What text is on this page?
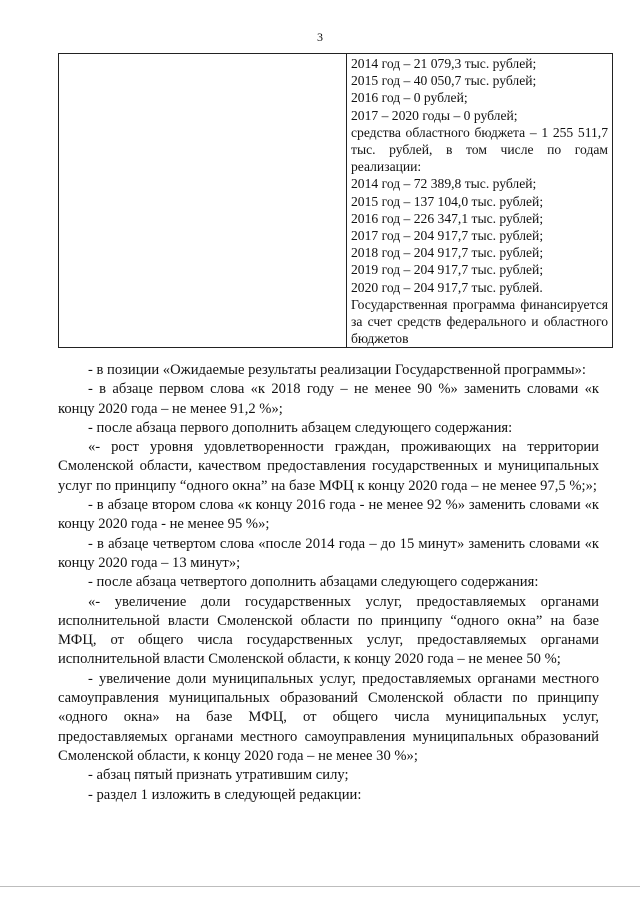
3

2014 год – 21 079,3 тыс. рублей;

2015 год – 40 050,7 тыс. рублей;

2016 год – 0 рублей;

2017 – 2020 годы – 0 рублей;

средства областного бюджета – 1 255 511,7 тыс. рублей, в том числе по годам реализации:

2014 год – 72 389,8 тыс. рублей;

2015 год – 137 104,0 тыс. рублей;

2016 год – 226 347,1 тыс. рублей;

2017 год – 204 917,7 тыс. рублей;

2018 год – 204 917,7 тыс. рублей;

2019 год – 204 917,7 тыс. рублей;

2020 год – 204 917,7 тыс. рублей.

Государственная программа финансируется за счет средств федерального и областного бюджетов

- в позиции «Ожидаемые результаты реализации Государственной программы»:

- в абзаце первом слова «к 2018 году – не менее 90 %» заменить словами «к концу 2020 года – не менее 91,2 %»;

- после абзаца первого дополнить абзацем следующего содержания:

«- рост уровня удовлетворенности граждан, проживающих на территории Смоленской области, качеством предоставления государственных и муниципальных услуг по принципу “одного окна” на базе МФЦ к концу 2020 года – не менее 97,5 %;»;

- в абзаце втором слова «к концу 2016 года - не менее 92 %» заменить словами «к концу 2020 года - не менее 95 %»;

- в абзаце четвертом слова «после 2014 года – до 15 минут» заменить словами «к концу 2020 года – 13 минут»;

- после абзаца четвертого дополнить абзацами следующего содержания:

«- увеличение доли государственных услуг, предоставляемых органами исполнительной власти Смоленской области по принципу “одного окна” на базе МФЦ, от общего числа государственных услуг, предоставляемых органами исполнительной власти Смоленской области, к концу 2020 года – не менее 50 %;

- увеличение доли муниципальных услуг, предоставляемых органами местного самоуправления муниципальных образований Смоленской области по принципу «одного окна» на базе МФЦ, от общего числа муниципальных услуг, предоставляемых органами местного самоуправления муниципальных образований Смоленской области, к концу 2020 года – не менее 30 %»;

- абзац пятый признать утратившим силу;

- раздел 1 изложить в следующей редакции:
